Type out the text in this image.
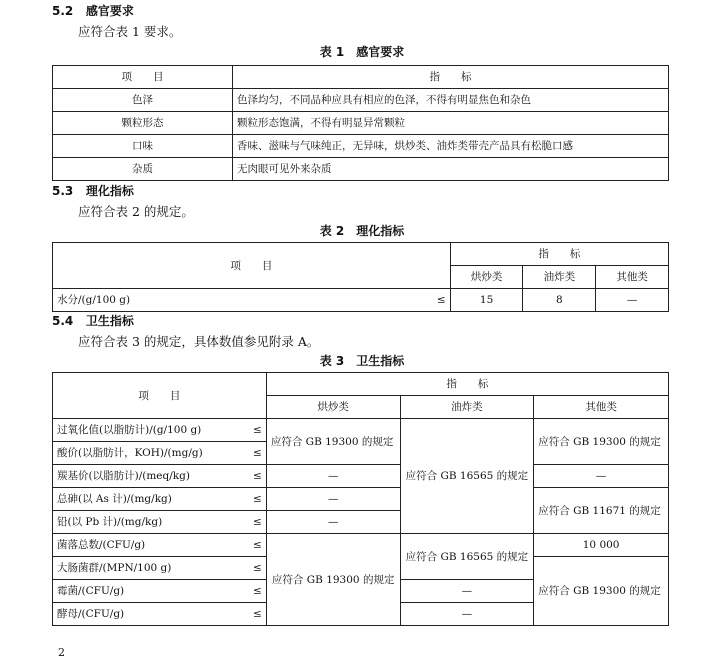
5.2 感官要求
应符合表 1 要求。
表 1　感官要求
项　　目	指　　标
色泽	色泽均匀，不同品种应具有相应的色泽，不得有明显焦色和杂色
颗粒形态	颗粒形态饱满，不得有明显异常颗粒
口味	香味、滋味与气味纯正，无异味，烘炒类、油炸类带壳产品具有松脆口感
杂质	无肉眼可见外来杂质
5.3 理化指标
应符合表 2 的规定。
表 2　理化指标
项　　目		指　　标		
		烘炒类	油炸类	其他类
水分/(g/100 g)	≤	15	8	—
5.4 卫生指标
应符合表 3 的规定，具体数值参见附录 A。
表 3　卫生指标
项　　目		指　　标		
		烘炒类	油炸类	其他类
过氧化值(以脂肪计)/(g/100 g)	≤	应符合 GB 19300 的规定	应符合 GB 16565 的规定	应符合 GB 19300 的规定
酸价(以脂肪计，KOH)/(mg/g)	≤			
羰基价(以脂肪计)/(meq/kg)	≤	—		—
总砷(以 As 计)/(mg/kg)	≤	—		应符合 GB 11671 的规定
铅(以 Pb 计)/(mg/kg)	≤	—		
菌落总数/(CFU/g)	≤	应符合 GB 19300 的规定	应符合 GB 16565 的规定	10 000
大肠菌群/(MPN/100 g)	≤			应符合 GB 19300 的规定
霉菌/(CFU/g)	≤		—	
酵母/(CFU/g)	≤		—	
2
